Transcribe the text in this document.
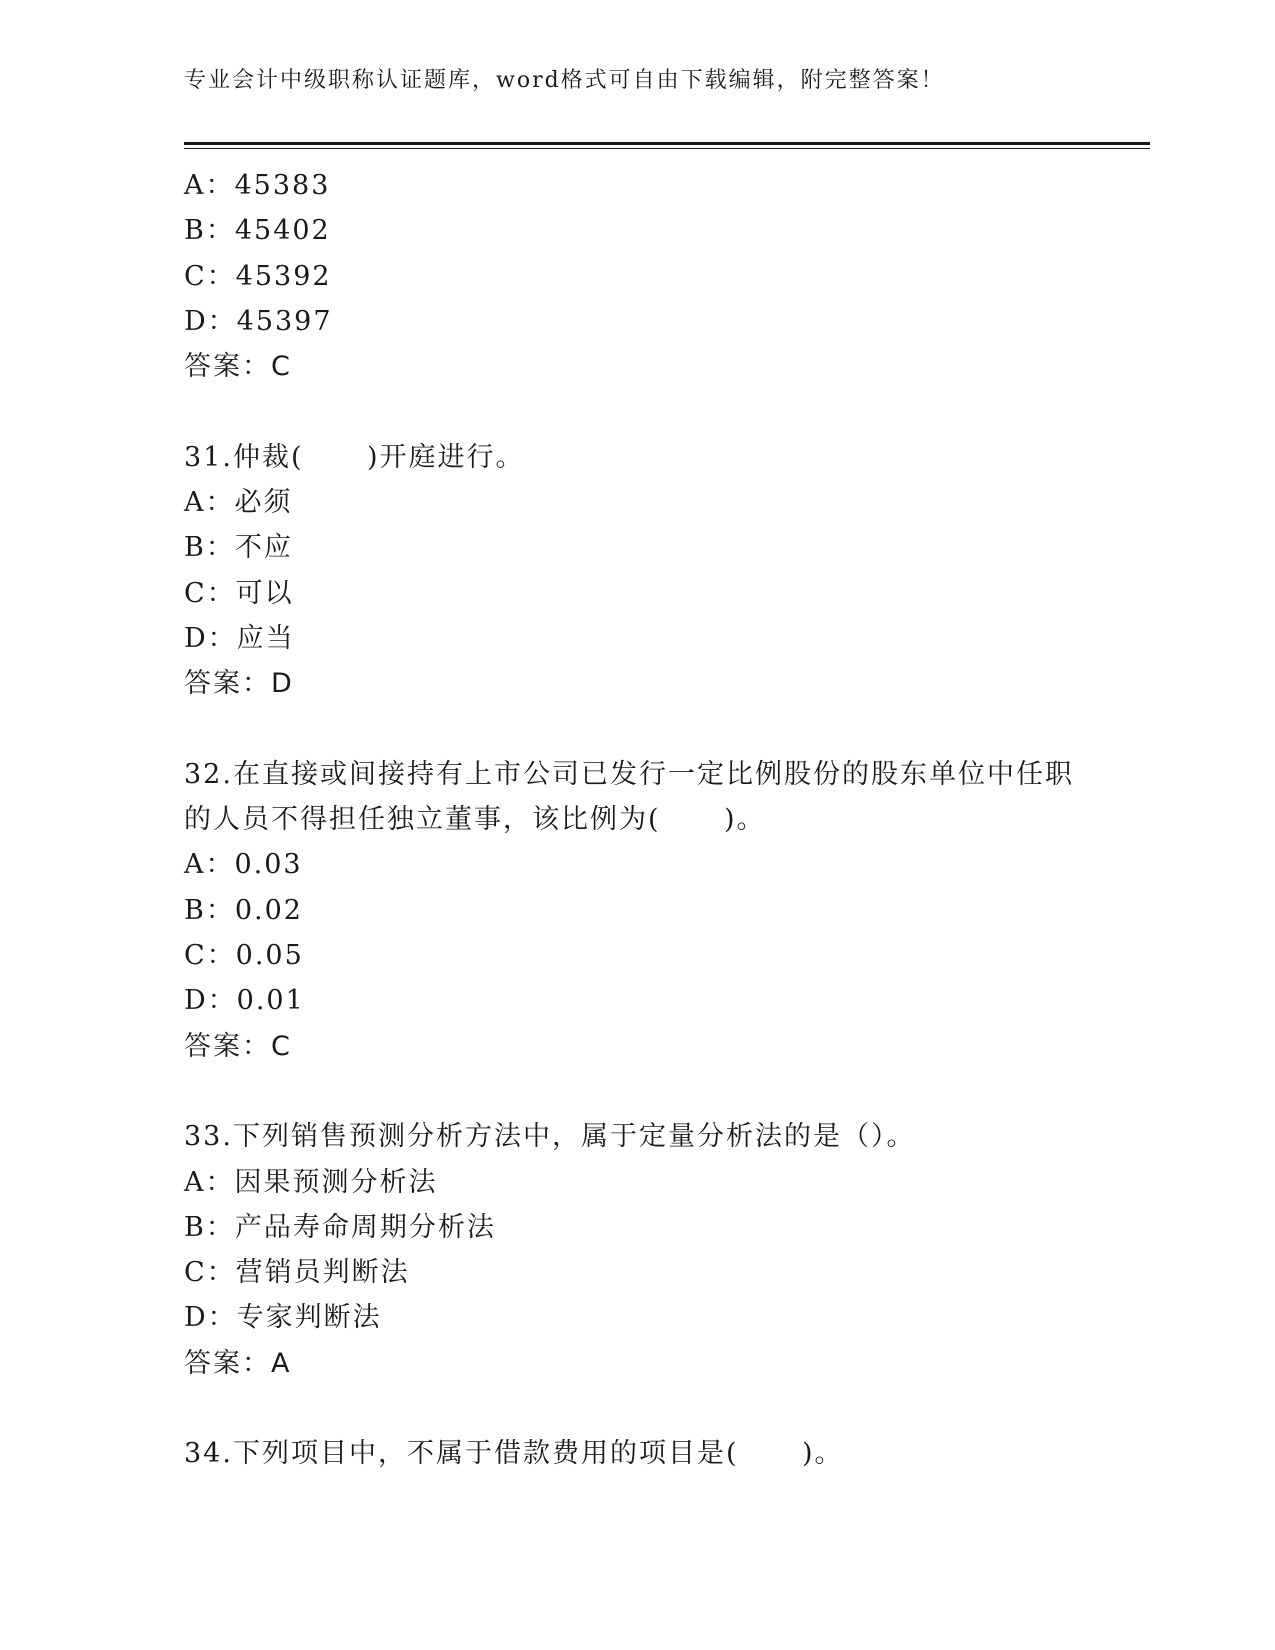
专业会计中级职称认证题库，word格式可自由下载编辑，附完整答案！

A：45383

B：45402

C：45392

D：45397

答案：C

31.仲裁(      )开庭进行。

A：必须

B：不应

C：可以

D：应当

答案：D

32.在直接或间接持有上市公司已发行一定比例股份的股东单位中任职

的人员不得担任独立董事，该比例为(      )。

A：0.03

B：0.02

C：0.05

D：0.01

答案：C

33.下列销售预测分析方法中，属于定量分析法的是（）。

A：因果预测分析法

B：产品寿命周期分析法

C：营销员判断法

D：专家判断法

答案：A

34.下列项目中，不属于借款费用的项目是(      )。
